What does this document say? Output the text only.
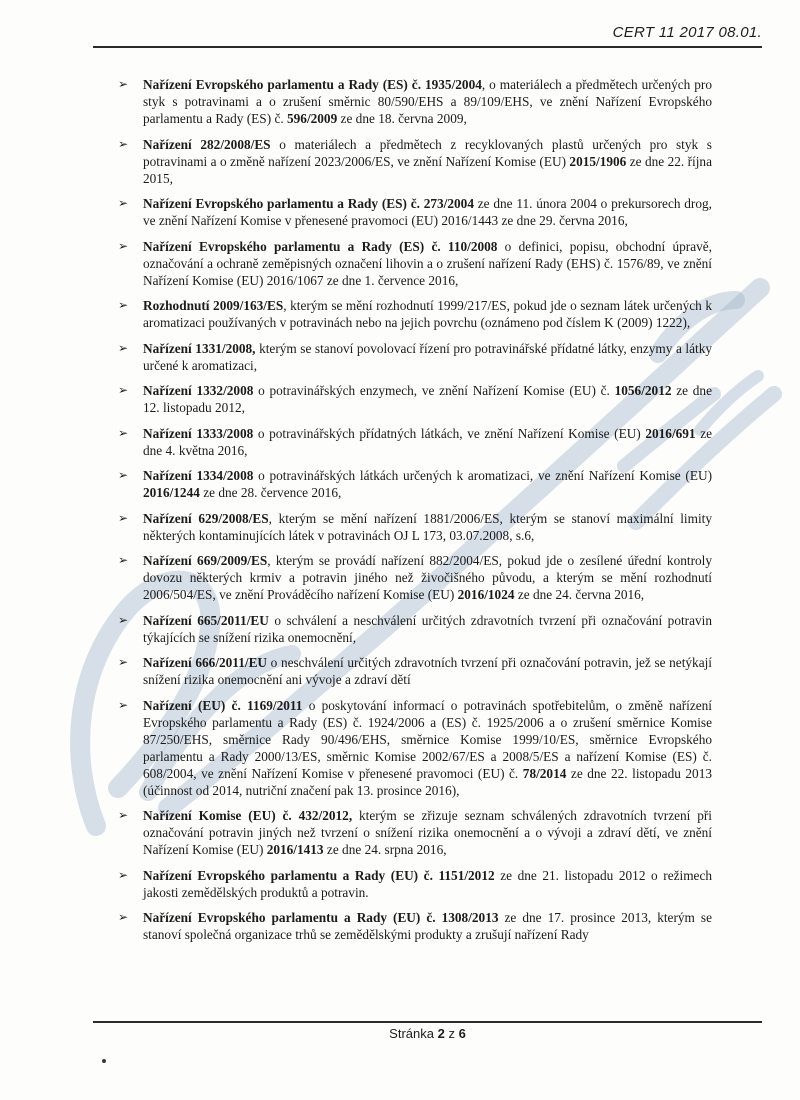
CERT 11 2017 08.01.
➢ Nařízení Evropského parlamentu a Rady (ES) č. 1935/2004, o materiálech a předmětech určených pro styk s potravinami a o zrušení směrnic 80/590/EHS a 89/109/EHS, ve znění Nařízení Evropského parlamentu a Rady (ES) č. 596/2009 ze dne 18. června 2009,
➢ Nařízení 282/2008/ES o materiálech a předmětech z recyklovaných plastů určených pro styk s potravinami a o změně nařízení 2023/2006/ES, ve znění Nařízení Komise (EU) 2015/1906 ze dne 22. října 2015,
➢ Nařízení Evropského parlamentu a Rady (ES) č. 273/2004 ze dne 11. února 2004 o prekursorech drog, ve znění Nařízení Komise v přenesené pravomoci (EU) 2016/1443 ze dne 29. června 2016,
➢ Nařízení Evropského parlamentu a Rady (ES) č. 110/2008 o definici, popisu, obchodní úpravě, označování a ochraně zeměpisných označení lihovin a o zrušení nařízení Rady (EHS) č. 1576/89, ve znění Nařízení Komise (EU) 2016/1067 ze dne 1. července 2016,
➢ Rozhodnutí 2009/163/ES, kterým se mění rozhodnutí 1999/217/ES, pokud jde o seznam látek určených k aromatizaci používaných v potravinách nebo na jejich povrchu (oznámeno pod číslem K (2009) 1222),
➢ Nařízení 1331/2008, kterým se stanoví povolovací řízení pro potravinářské přídatné látky, enzymy a látky určené k aromatizaci,
➢ Nařízení 1332/2008 o potravinářských enzymech, ve znění Nařízení Komise (EU) č. 1056/2012 ze dne 12. listopadu 2012,
➢ Nařízení 1333/2008 o potravinářských přídatných látkách, ve znění Nařízení Komise (EU) 2016/691 ze dne 4. května 2016,
➢ Nařízení 1334/2008 o potravinářských látkách určených k aromatizaci, ve znění Nařízení Komise (EU) 2016/1244 ze dne 28. července 2016,
➢ Nařízení 629/2008/ES, kterým se mění nařízení 1881/2006/ES, kterým se stanoví maximální limity některých kontaminujících látek v potravinách OJ L 173, 03.07.2008, s.6,
➢ Nařízení 669/2009/ES, kterým se provádí nařízení 882/2004/ES, pokud jde o zesílené úřední kontroly dovozu některých krmiv a potravin jiného než živočišného původu, a kterým se mění rozhodnutí 2006/504/ES, ve znění Prováděcího nařízení Komise (EU) 2016/1024 ze dne 24. června 2016,
➢ Nařízení 665/2011/EU o schválení a neschválení určitých zdravotních tvrzení při označování potravin týkajících se snížení rizika onemocnění,
➢ Nařízení 666/2011/EU o neschválení určitých zdravotních tvrzení při označování potravin, jež se netýkají snížení rizika onemocnění ani vývoje a zdraví dětí
➢ Nařízení (EU) č. 1169/2011 o poskytování informací o potravinách spotřebitelům, o změně nařízení Evropského parlamentu a Rady (ES) č. 1924/2006 a (ES) č. 1925/2006 a o zrušení směrnice Komise 87/250/EHS, směrnice Rady 90/496/EHS, směrnice Komise 1999/10/ES, směrnice Evropského parlamentu a Rady 2000/13/ES, směrnic Komise 2002/67/ES a 2008/5/ES a nařízení Komise (ES) č. 608/2004, ve znění Nařízení Komise v přenesené pravomoci (EU) č. 78/2014 ze dne 22. listopadu 2013 (účinnost od 2014, nutriční značení pak 13. prosince 2016),
➢ Nařízení Komise (EU) č. 432/2012, kterým se zřizuje seznam schválených zdravotních tvrzení při označování potravin jiných než tvrzení o snížení rizika onemocnění a o vývoji a zdraví dětí, ve znění Nařízení Komise (EU) 2016/1413 ze dne 24. srpna 2016,
➢ Nařízení Evropského parlamentu a Rady (EU) č. 1151/2012 ze dne 21. listopadu 2012 o režimech jakosti zemědělských produktů a potravin.
➢ Nařízení Evropského parlamentu a Rady (EU) č. 1308/2013 ze dne 17. prosince 2013, kterým se stanoví společná organizace trhů se zemědělskými produkty a zrušují nařízení Rady
Stránka 2 z 6
